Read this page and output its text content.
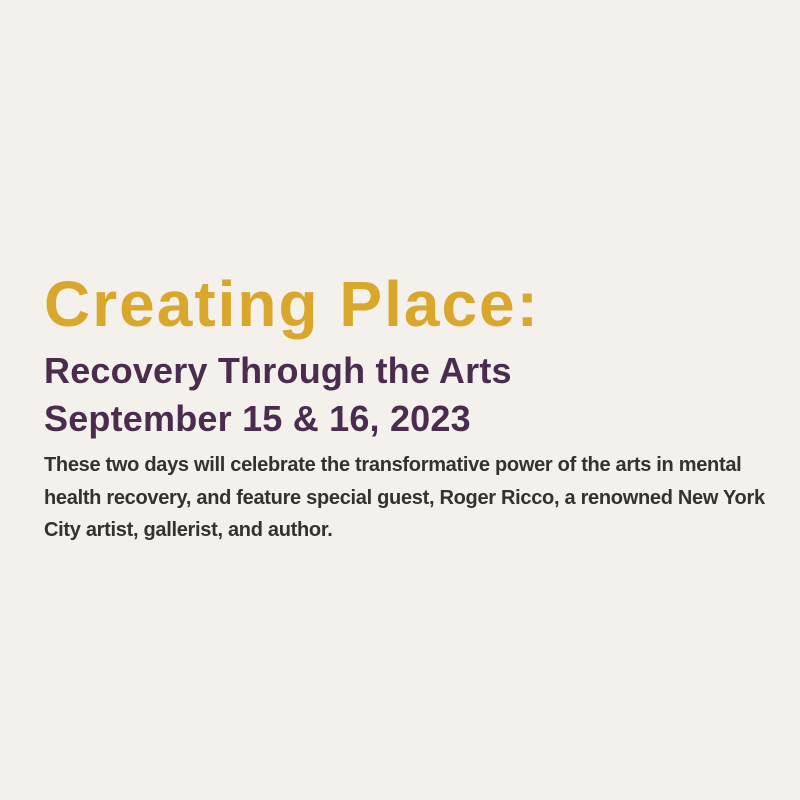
Creating Place:
Recovery Through the Arts
September 15 & 16, 2023

These two days will celebrate the transformative power of the arts in mental
health recovery, and feature special guest, Roger Ricco, a renowned New York
City artist, gallerist, and author.
